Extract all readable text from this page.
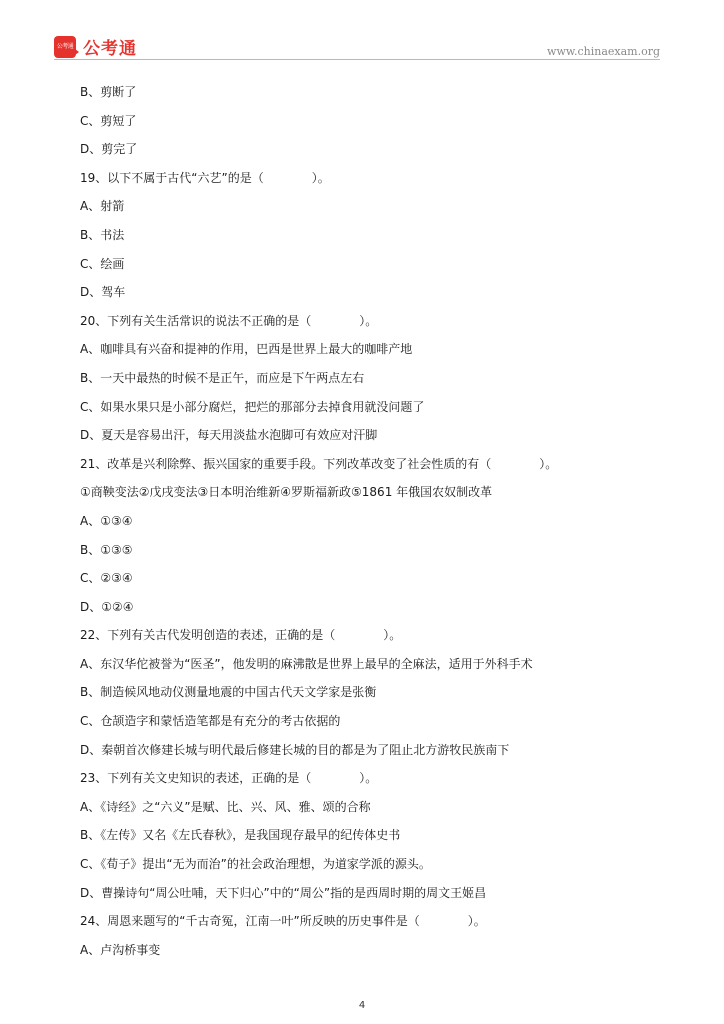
公考通 公考通	www.chinaexam.org
B、剪断了
C、剪短了
D、剪完了
19、以下不属于古代“六艺”的是（　　　　）。
A、射箭
B、书法
C、绘画
D、驾车
20、下列有关生活常识的说法不正确的是（　　　　）。
A、咖啡具有兴奋和提神的作用，巴西是世界上最大的咖啡产地
B、一天中最热的时候不是正午，而应是下午两点左右
C、如果水果只是小部分腐烂，把烂的那部分去掉食用就没问题了
D、夏天是容易出汗，每天用淡盐水泡脚可有效应对汗脚
21、改革是兴利除弊、振兴国家的重要手段。下列改革改变了社会性质的有（　　　　）。
①商鞅变法②戊戌变法③日本明治维新④罗斯福新政⑤1861 年俄国农奴制改革
A、①③④
B、①③⑤
C、②③④
D、①②④
22、下列有关古代发明创造的表述，正确的是（　　　　）。
A、东汉华佗被誉为“医圣”，他发明的麻沸散是世界上最早的全麻法，适用于外科手术
B、制造候风地动仪测量地震的中国古代天文学家是张衡
C、仓颉造字和蒙恬造笔都是有充分的考古依据的
D、秦朝首次修建长城与明代最后修建长城的目的都是为了阻止北方游牧民族南下
23、下列有关文史知识的表述，正确的是（　　　　）。
A、《诗经》之“六义”是赋、比、兴、风、雅、颂的合称
B、《左传》又名《左氏春秋》，是我国现存最早的纪传体史书
C、《荀子》提出“无为而治”的社会政治理想，为道家学派的源头。
D、曹操诗句“周公吐哺，天下归心”中的“周公”指的是西周时期的周文王姬昌
24、周恩来题写的“千古奇冤，江南一叶”所反映的历史事件是（　　　　）。
A、卢沟桥事变
4
